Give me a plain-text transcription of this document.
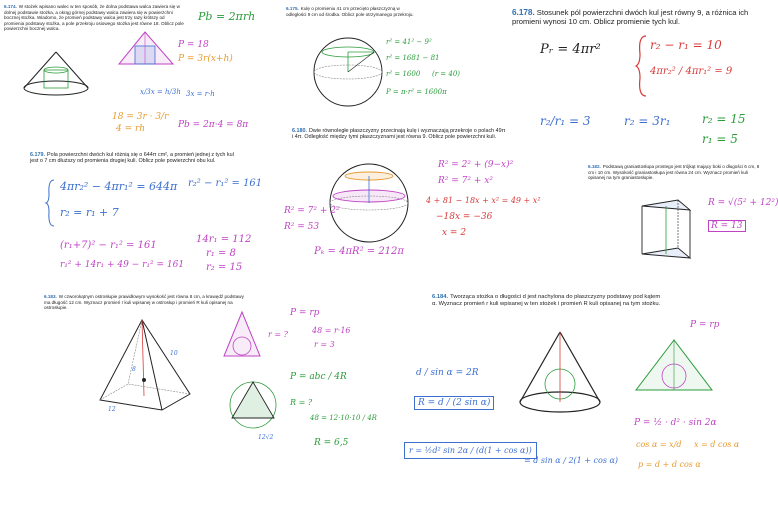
6.174. W stożek wpisano walec w ten sposób, że dolna podstawa walca zawiera się w dolnej podstawie stożka, a okrąg górnej podstawy walca zawiera się w powierzchni bocznej stożka. Wiadomo, że promień podstawy walca jest trzy razy krótszy od promienia podstawy stożka, a pole przekroju osiowego stożka jest równe 18. Oblicz pole powierzchni bocznej walca.
Pb = 2πrh
P = 18
P = 3r(x+h)
x/3x = h/3h 3x = r·h
18 = 3r · 3/r
4 = rh	Pb = 2π·4 = 8π
6.175. Kulę o promieniu 41 cm przecięto płaszczyzną w odległości 9 cm od środka. Oblicz pole otrzymanego przekroju.
r² = 41² − 9²
r² = 1681 − 81
r² = 1600 (r = 40)
P = π·r² = 1600π
6.178. Stosunek pól powierzchni dwóch kul jest równy 9, a różnica ich promieni wynosi 10 cm. Oblicz promienie tych kul.
Pᵣ = 4πr²	r₂ − r₁ = 10
4πr₂² / 4πr₁² = 9
r₂/r₁ = 3	r₂ = 3r₁	r₂ = 15
r₁ = 5
6.179. Pola powierzchni dwóch kul różnią się o 644π cm², a promień jednej z tych kul jest o 7 cm dłuższy od promienia drugiej kuli. Oblicz pole powierzchni obu kul.
4πr₂² − 4πr₁² = 644π r₂² − r₁² = 161
r₂ = r₁ + 7
(r₁+7)² − r₁² = 161
r₁² + 14r₁ + 49 − r₁² = 161
14r₁ = 112
r₁ = 8
r₂ = 15
6.180. Dwie równoległe płaszczyzny przecinają kulę i wyznaczają przekroje o polach 49π i 4π. Odległość między tymi płaszczyznami jest równa 9. Oblicz pole powierzchni kuli.
R² = 2² + (9−x)²
R² = 7² + x²
4 + 81 − 18x + x² = 49 + x²
−18x = −36
x = 2
R² = 7² + 2²
R² = 53
Pₖ = 4πR² = 212π
6.182. Podstawą graniastosłupa prostego jest trójkąt mający boki o długości 6 cm, 8 cm i 10 cm. Wysokość graniastosłupa jest równa 24 cm. Wyznacz promień kuli opisanej na tym graniastosłupie.
R = √(5² + 12²)
R = 13
6.183. W czworokątnym ostrosłupie prawidłowym wysokość jest równa 8 cm, a krawędź podstawy ma długość 12 cm. Wyznacz promień r kuli wpisanej w ostrosłup i promień R kuli opisanej na ostrosłupie.
P = rp
r = ?	48 = r·16
r = 3
P = abc / 4R
R = ?
48 = 12·10·10 / 4R
R = 6,5
12
12√2
8
10
6.184. Tworząca stożka o długości d jest nachylona do płaszczyzny podstawy pod kątem α. Wyznacz promień r kuli wpisanej w ten stożek i promień R kuli opisanej na tym stożku.
d / sin α = 2R
R = d / (2 sin α)
r = ½d² sin 2α / (d(1 + cos α))
= d sin α / 2(1 + cos α)
P = rp
P = ½ · d² · sin 2α
cos α = x/d x = d cos α
p = d + d cos α
